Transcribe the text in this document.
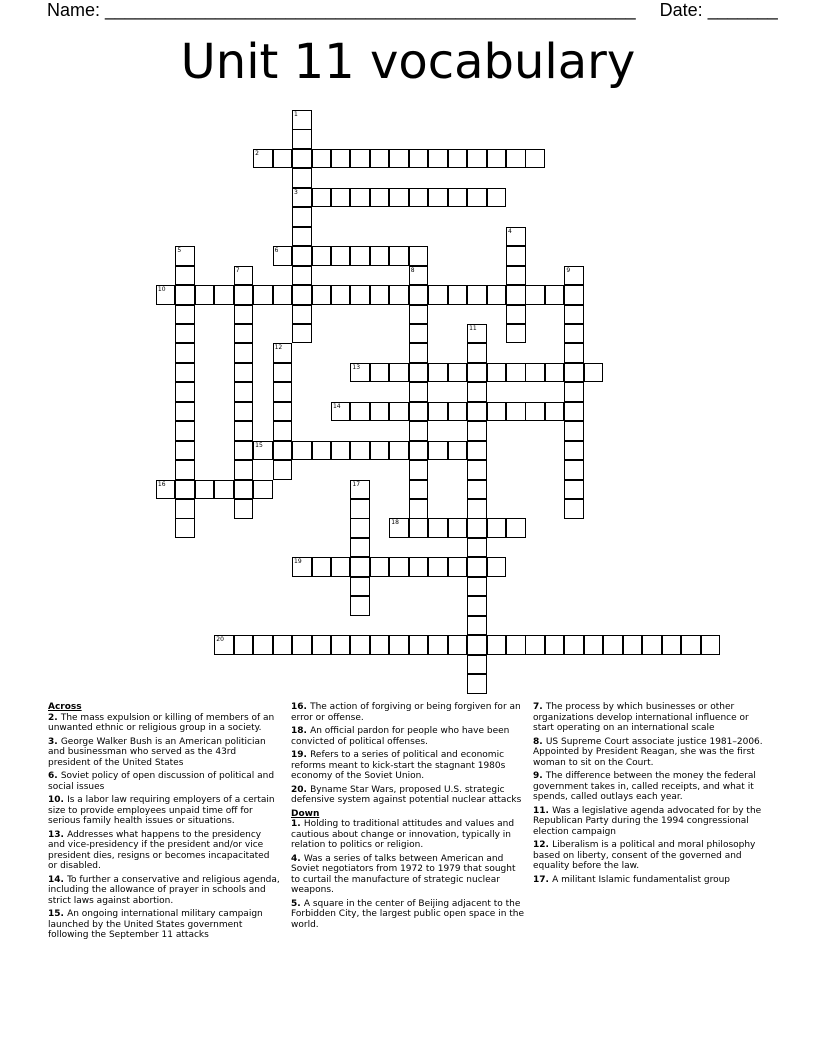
Name: _____________________________________________________ Date: _______
Unit 11 vocabulary
1
3
2
4
5	6
7	8	9
10
11
12
13
14
15
16	17
18
19
20
Across
2. The mass expulsion or killing of members of an unwanted ethnic or religious group in a society.
3. George Walker Bush is an American politician and businessman who served as the 43rd president of the United States
6. Soviet policy of open discussion of political and social issues
10. Is a labor law requiring employers of a certain size to provide employees unpaid time off for serious family health issues or situations.
13. Addresses what happens to the presidency and vice-presidency if the president and/or vice president dies, resigns or becomes incapacitated or disabled.
14. To further a conservative and religious agenda, including the allowance of prayer in schools and strict laws against abortion.
15. An ongoing international military campaign launched by the United States government following the September 11 attacks
16. The action of forgiving or being forgiven for an error or offense.
18. An official pardon for people who have been convicted of political offenses.
19. Refers to a series of political and economic reforms meant to kick-start the stagnant 1980s economy of the Soviet Union.
20. Byname Star Wars, proposed U.S. strategic defensive system against potential nuclear attacks
Down
1. Holding to traditional attitudes and values and cautious about change or innovation, typically in relation to politics or religion.
4. Was a series of talks between American and Soviet negotiators from 1972 to 1979 that sought to curtail the manufacture of strategic nuclear weapons.
5. A square in the center of Beijing adjacent to the Forbidden City, the largest public open space in the world.
7. The process by which businesses or other organizations develop international influence or start operating on an international scale
8. US Supreme Court associate justice 1981–2006. Appointed by President Reagan, she was the first woman to sit on the Court.
9. The difference between the money the federal government takes in, called receipts, and what it spends, called outlays each year.
11. Was a legislative agenda advocated for by the Republican Party during the 1994 congressional election campaign
12. Liberalism is a political and moral philosophy based on liberty, consent of the governed and equality before the law.
17. A militant Islamic fundamentalist group
